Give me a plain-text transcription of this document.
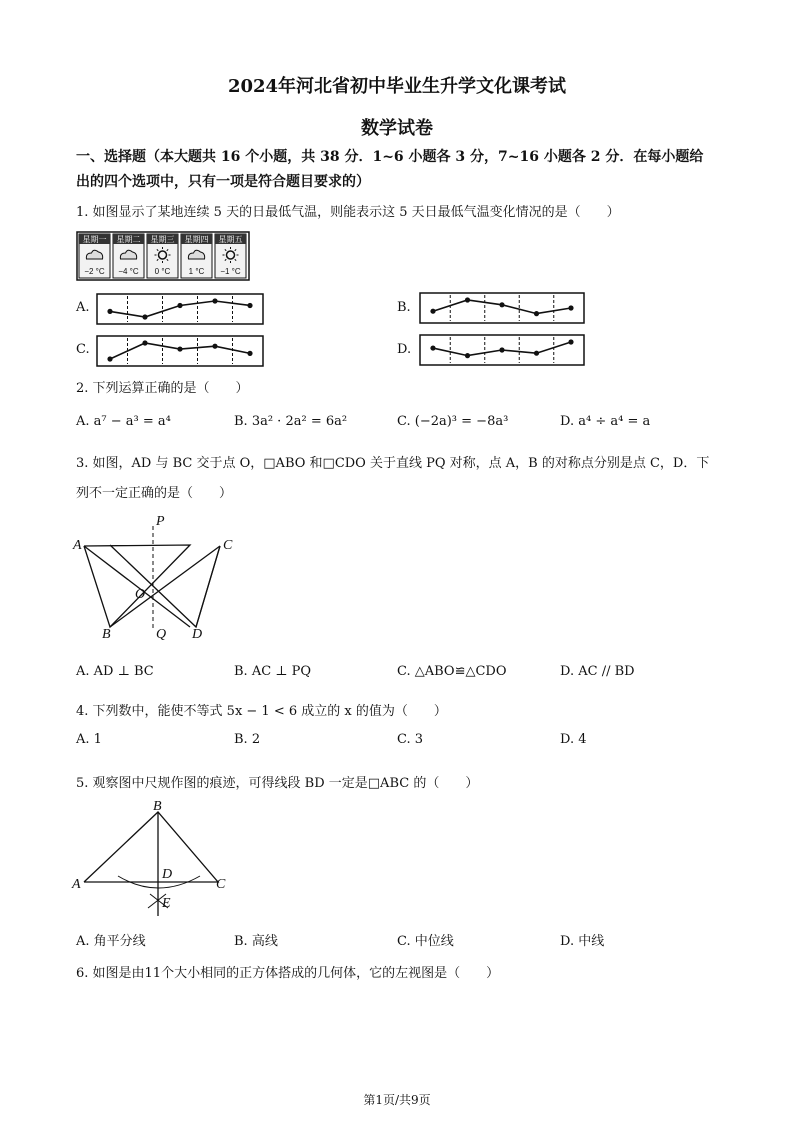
2024年河北省初中毕业生升学文化课考试
数学试卷
一、选择题（本大题共 16 个小题，共 38 分．1~6 小题各 3 分，7~16 小题各 2 分．在每小题给
出的四个选项中，只有一项是符合题目要求的）
1. 如图显示了某地连续 5 天的日最低气温，则能表示这 5 天日最低气温变化情况的是（　　）
星期一
−2 °C
星期二
−4 °C
星期三
0 °C
星期四
1 °C
星期五
−1 °C
A.	B.
C.	D.
2. 下列运算正确的是（　　）
A. a⁷ − a³ = a⁴	B. 3a² · 2a² = 6a²	C. (−2a)³ = −8a³	D. a⁴ ÷ a⁴ = a
3. 如图，AD 与 BC 交于点 O，□ABO 和□CDO 关于直线 PQ 对称，点 A，B 的对称点分别是点 C，D．下
列不一定正确的是（　　）
P
A	C
O
B	Q D
A. AD ⊥ BC	B. AC ⊥ PQ	C. △ABO≌△CDO	D. AC // BD
4. 下列数中，能使不等式 5x − 1 < 6 成立的 x 的值为（　　）
A. 1	B. 2	C. 3	D. 4
5. 观察图中尺规作图的痕迹，可得线段 BD 一定是□ABC 的（　　）
B
A	C
D
E
A. 角平分线	B. 高线	C. 中位线	D. 中线
6. 如图是由11个大小相同的正方体搭成的几何体，它的左视图是（　　）
第1页/共9页
